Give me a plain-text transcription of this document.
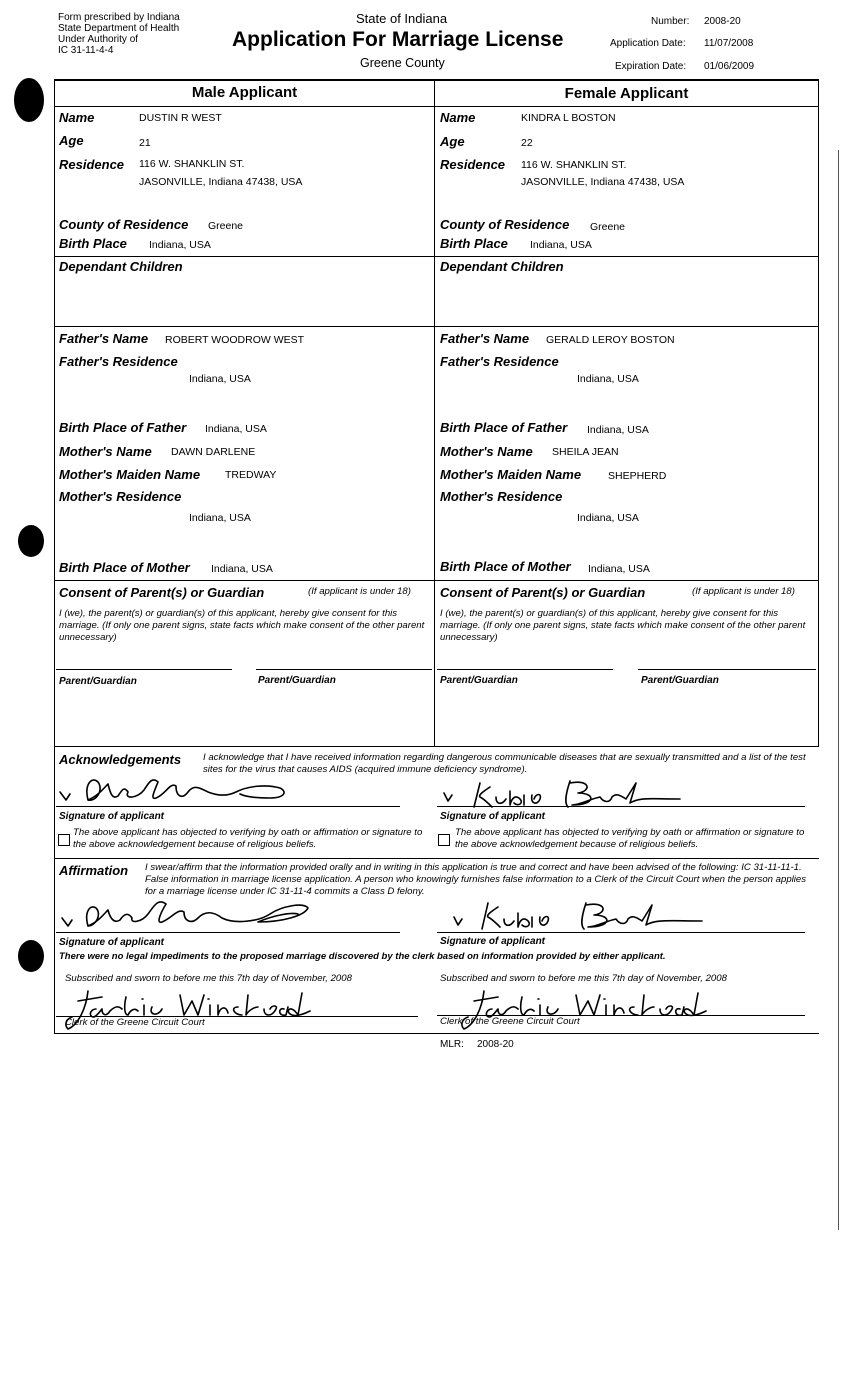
Form prescribed by Indiana
State Department of Health
Under Authority of
IC 31-11-4-4
State of Indiana
Application For Marriage License
Greene County
Number: 2008-20
Application Date: 11/07/2008
Expiration Date: 01/06/2009
Male Applicant	Female Applicant
Name	DUSTIN R WEST
Age	21
Residence 116 W. SHANKLIN ST.
JASONVILLE, Indiana 47438, USA
County of Residence Greene
Birth Place Indiana, USA
Dependant Children
Father's Name ROBERT WOODROW WEST
Father's Residence
Indiana, USA
Birth Place of Father Indiana, USA
Mother's Name DAWN DARLENE
Mother's Maiden Name TREDWAY
Mother's Residence
Indiana, USA
Birth Place of Mother Indiana, USA
Name	KINDRA L BOSTON
Age	22
Residence 116 W. SHANKLIN ST.
JASONVILLE, Indiana 47438, USA
County of Residence Greene
Birth Place Indiana, USA
Dependant Children
Father's Name GERALD LEROY BOSTON
Father's Residence
Indiana, USA
Birth Place of Father Indiana, USA
Mother's Name SHEILA JEAN
Mother's Maiden Name	SHEPHERD
Mother's Residence
Indiana, USA
Birth Place of Mother Indiana, USA
Consent of Parent(s) or Guardian	(If applicant is under 18)
I (we), the parent(s) or guardian(s) of this applicant, hereby give consent for this marriage. (If only one parent signs, state facts which make consent of the other parent unnecessary)
Parent/Guardian	Parent/Guardian
Consent of Parent(s) or Guardian	(If applicant is under 18)
I (we), the parent(s) or guardian(s) of this applicant, hereby give consent for this marriage. (If only one parent signs, state facts which make consent of the other parent unnecessary)
Parent/Guardian	Parent/Guardian
Acknowledgements I acknowledge that I have received information regarding dangerous communicable diseases that are sexually transmitted and a list of the test sites for the virus that causes AIDS (acquired immune deficiency syndrome).
Signature of applicant	Signature of applicant
The above applicant has objected to verifying by oath or affirmation or signature to the above acknowledgement because of religious beliefs.
The above applicant has objected to verifying by oath or affirmation or signature to the above acknowledgement because of religious beliefs.
Affirmation I swear/affirm that the information provided orally and in writing in this application is true and correct and have been advised of the following: IC 31-11-11-1. False information in marriage license application. A person who knowingly furnishes false information to a Clerk of the Circuit Court when the person applies for a marriage license under IC 31-11-4 commits a Class D felony.
Signature of applicant	Signature of applicant
There were no legal impediments to the proposed marriage discovered by the clerk based on information provided by either applicant.
Subscribed and sworn to before me this 7th day of November, 2008	Subscribed and sworn to before me this 7th day of November, 2008
Clerk of the Greene Circuit Court	Clerk of the Greene Circuit Court
MLR: 2008-20
